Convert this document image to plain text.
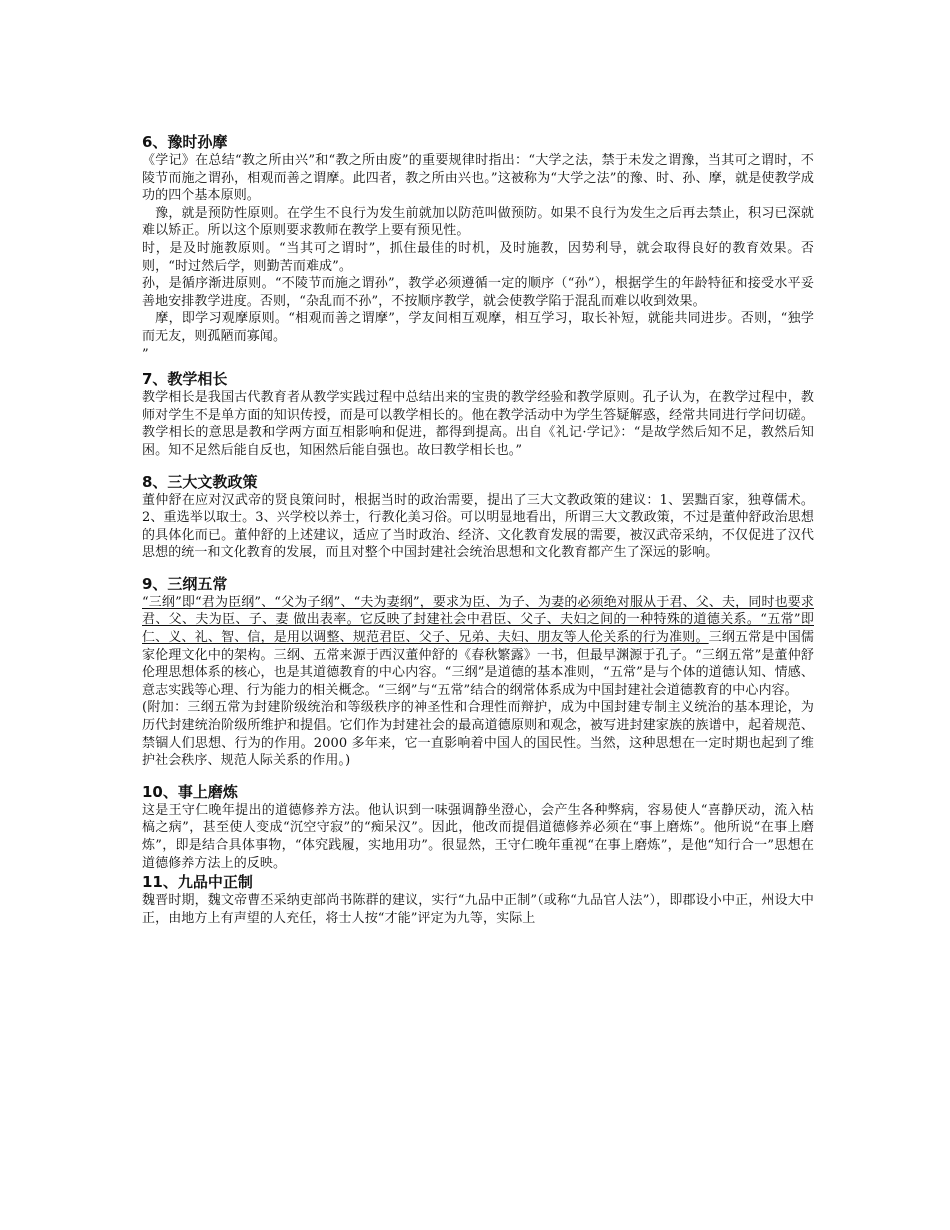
6、豫时孙摩

《学记》在总结“教之所由兴”和“教之所由废”的重要规律时指出：“大学之法，禁于未发之谓豫，当其可之谓时，不陵节而施之谓孙，相观而善之谓摩。此四者，教之所由兴也。”这被称为“大学之法”的豫、时、孙、摩，就是使教学成功的四个基本原则。

　豫，就是预防性原则。在学生不良行为发生前就加以防范叫做预防。如果不良行为发生之后再去禁止，积习已深就难以矫正。所以这个原则要求教师在教学上要有预见性。

时，是及时施教原则。“当其可之谓时”，抓住最佳的时机，及时施教，因势利导，就会取得良好的教育效果。否则，“时过然后学，则勤苦而难成”。

孙，是循序渐进原则。“不陵节而施之谓孙”，教学必须遵循一定的顺序（“孙”），根据学生的年龄特征和接受水平妥善地安排教学进度。否则，“杂乱而不孙”，不按顺序教学，就会使教学陷于混乱而难以收到效果。

　摩，即学习观摩原则。“相观而善之谓摩”，学友间相互观摩，相互学习，取长补短，就能共同进步。否则，“独学而无友，则孤陋而寡闻。

”

7、教学相长

教学相长是我国古代教育者从教学实践过程中总结出来的宝贵的教学经验和教学原则。孔子认为，在教学过程中，教师对学生不是单方面的知识传授，而是可以教学相长的。他在教学活动中为学生答疑解惑，经常共同进行学问切磋。教学相长的意思是教和学两方面互相影响和促进，都得到提高。出自《礼记·学记》：“是故学然后知不足，教然后知困。知不足然后能自反也，知困然后能自强也。故曰教学相长也。”

8、三大文教政策

董仲舒在应对汉武帝的贤良策问时，根据当时的政治需要，提出了三大文教政策的建议：1、罢黜百家，独尊儒术。2、重选举以取士。3、兴学校以养士，行教化美习俗。可以明显地看出，所谓三大文教政策，不过是董仲舒政治思想的具体化而已。董仲舒的上述建议，适应了当时政治、经济、文化教育发展的需要，被汉武帝采纳，不仅促进了汉代思想的统一和文化教育的发展，而且对整个中国封建社会统治思想和文化教育都产生了深远的影响。

9、三纲五常

“三纲”即“君为臣纲”、“父为子纲”、“夫为妻纲”，要求为臣、为子、为妻的必须绝对服从于君、父、夫，同时也要求君、父、夫为臣、子、妻 做出表率。它反映了封建社会中君臣、父子、夫妇之间的一种特殊的道德关系。“五常”即仁、义、礼、智、信，是用以调整、规范君臣、父子、兄弟、夫妇、朋友等人伦关系的行为准则。三纲五常是中国儒家伦理文化中的架构。三纲、五常来源于西汉董仲舒的《春秋繁露》一书，但最早渊源于孔子。“三纲五常”是董仲舒伦理思想体系的核心，也是其道德教育的中心内容。“三纲”是道德的基本准则，“五常”是与个体的道德认知、情感、意志实践等心理、行为能力的相关概念。“三纲”与“五常”结合的纲常体系成为中国封建社会道德教育的中心内容。

(附加：三纲五常为封建阶级统治和等级秩序的神圣性和合理性而辩护，成为中国封建专制主义统治的基本理论，为历代封建统治阶级所维护和提倡。它们作为封建社会的最高道德原则和观念，被写进封建家族的族谱中，起着规范、禁锢人们思想、行为的作用。2000 多年来，它一直影响着中国人的国民性。当然，这种思想在一定时期也起到了维护社会秩序、规范人际关系的作用。)

10、事上磨炼

这是王守仁晚年提出的道德修养方法。他认识到一味强调静坐澄心，会产生各种弊病，容易使人“喜静厌动，流入枯槁之病”，甚至使人变成“沉空守寂”的“痴呆汉”。因此，他改而提倡道德修养必须在“事上磨炼”。他所说“在事上磨炼”，即是结合具体事物，“体究践履，实地用功”。很显然，王守仁晚年重视“在事上磨炼”，是他“知行合一”思想在道德修养方法上的反映。

11、九品中正制

魏晋时期，魏文帝曹丕采纳吏部尚书陈群的建议，实行“九品中正制”（或称“九品官人法”），即郡设小中正，州设大中正，由地方上有声望的人充任，将士人按“才能”评定为九等，实际上
